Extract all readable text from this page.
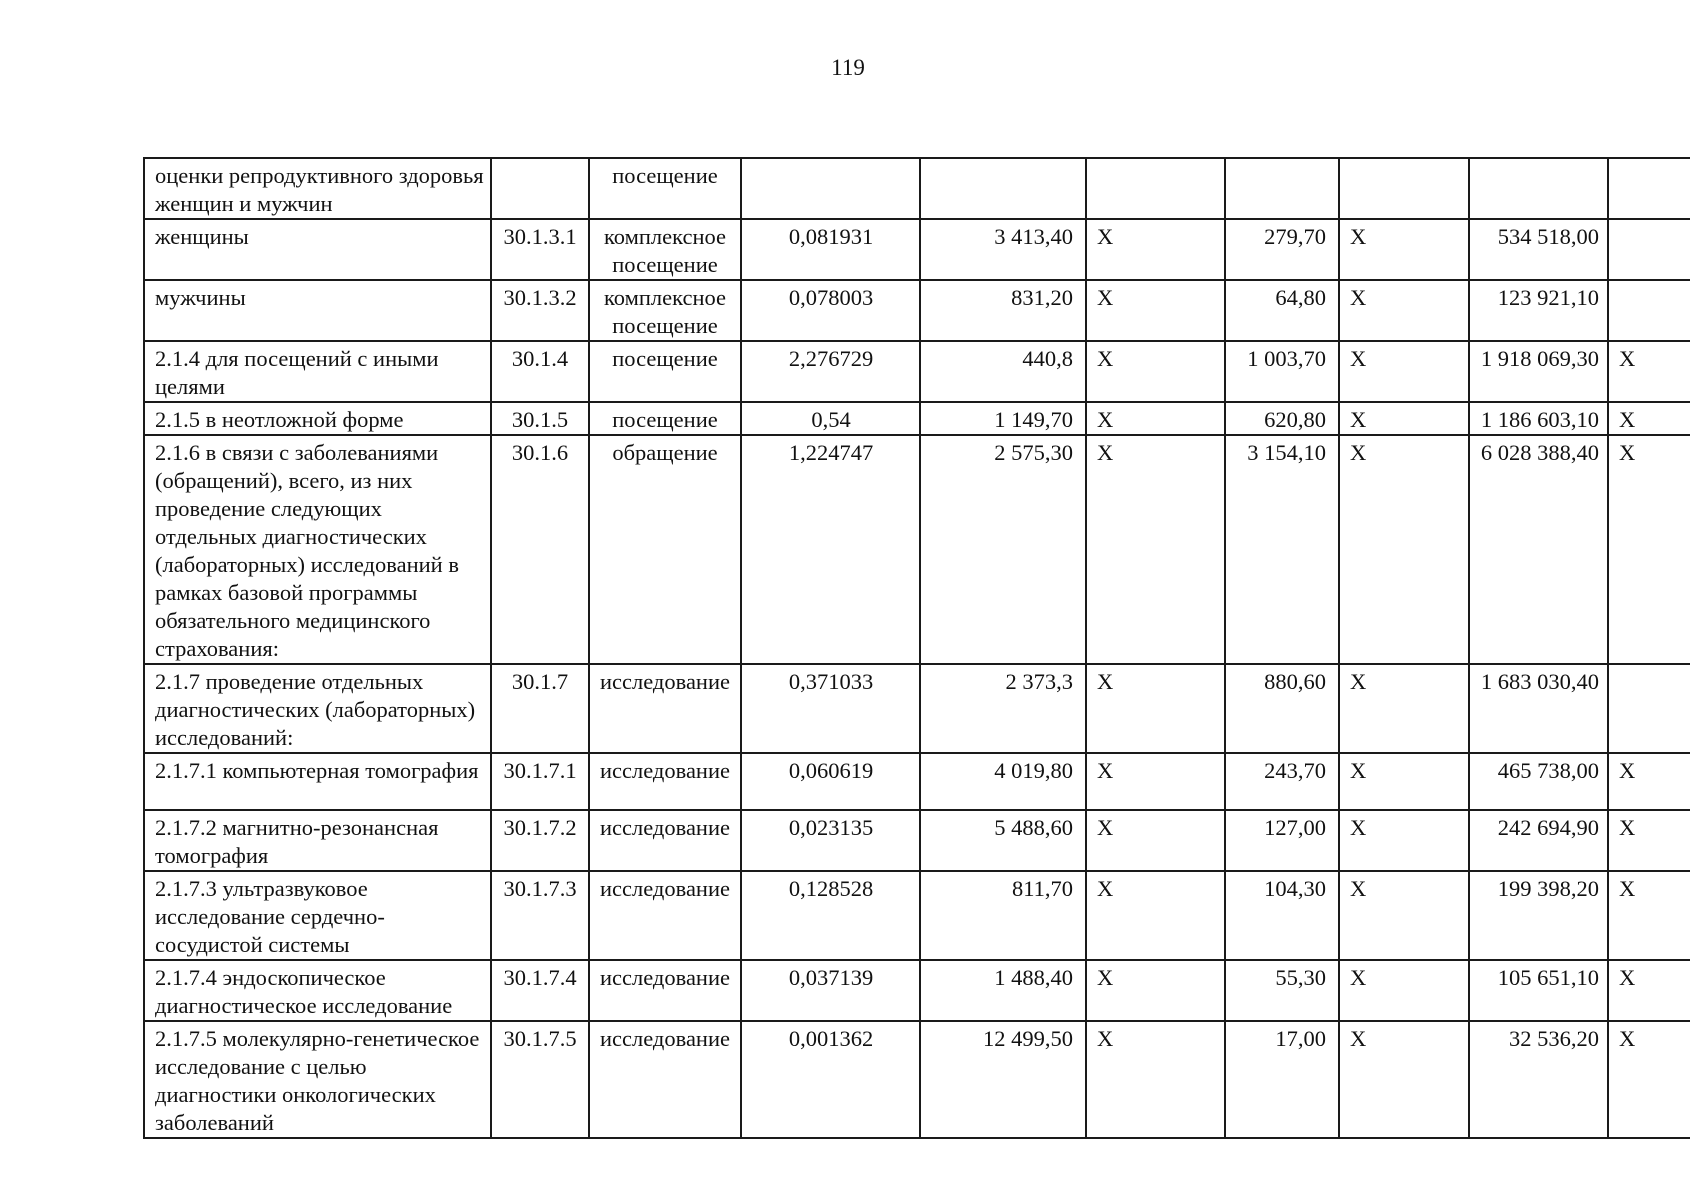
119
оценки репродуктивного здоровья женщин и мужчин		посещение							
женщины	30.1.3.1	комплексное посещение	0,081931	3 413,40	X	279,70	X	534 518,00	
мужчины	30.1.3.2	комплексное посещение	0,078003	831,20	X	64,80	X	123 921,10	
2.1.4 для посещений с иными целями	30.1.4	посещение	2,276729	440,8	X	1 003,70	X	1 918 069,30	X
2.1.5 в неотложной форме	30.1.5	посещение	0,54	1 149,70	X	620,80	X	1 186 603,10	X
2.1.6 в связи с заболеваниями (обращений), всего, из них проведение следующих отдельных диагностических (лабораторных) исследований в рамках базовой программы обязательного медицинского страхования:	30.1.6	обращение	1,224747	2 575,30	X	3 154,10	X	6 028 388,40	X
2.1.7 проведение отдельных диагностических (лабораторных) исследований:	30.1.7	исследование	0,371033	2 373,3	X	880,60	X	1 683 030,40	
2.1.7.1 компьютерная томография	30.1.7.1	исследование	0,060619	4 019,80	X	243,70	X	465 738,00	X
2.1.7.2 магнитно-резонансная томография	30.1.7.2	исследование	0,023135	5 488,60	X	127,00	X	242 694,90	X
2.1.7.3 ультразвуковое исследование сердечно-сосудистой системы	30.1.7.3	исследование	0,128528	811,70	X	104,30	X	199 398,20	X
2.1.7.4 эндоскопическое диагностическое исследование	30.1.7.4	исследование	0,037139	1 488,40	X	55,30	X	105 651,10	X
2.1.7.5 молекулярно-генетическое исследование с целью диагностики онкологических заболеваний	30.1.7.5	исследование	0,001362	12 499,50	X	17,00	X	32 536,20	X
